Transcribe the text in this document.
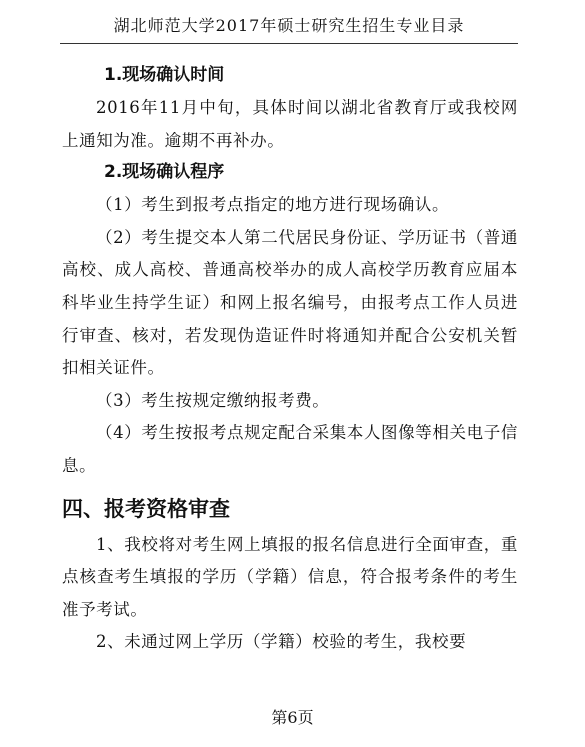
湖北师范大学2017年硕士研究生招生专业目录
1.现场确认时间

2016年11月中旬，具体时间以湖北省教育厅或我校网上通知为准。逾期不再补办。

2.现场确认程序

（1）考生到报考点指定的地方进行现场确认。

（2）考生提交本人第二代居民身份证、学历证书（普通高校、成人高校、普通高校举办的成人高校学历教育应届本科毕业生持学生证）和网上报名编号，由报考点工作人员进行审查、核对，若发现伪造证件时将通知并配合公安机关暂扣相关证件。

（3）考生按规定缴纳报考费。

（4）考生按报考点规定配合采集本人图像等相关电子信息。

四、报考资格审查

1、我校将对考生网上填报的报名信息进行全面审查，重点核查考生填报的学历（学籍）信息，符合报考条件的考生准予考试。

2、未通过网上学历（学籍）校验的考生，我校要

第6页
